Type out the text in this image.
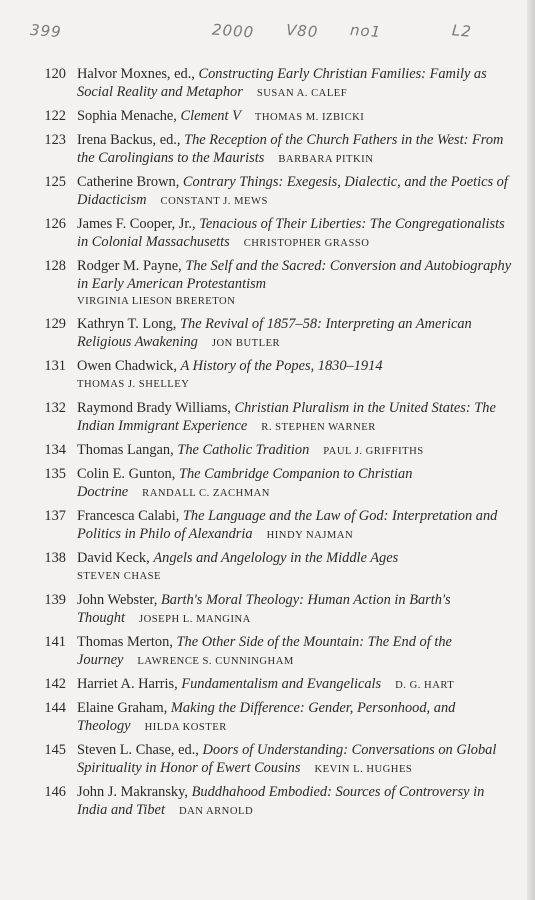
399	2000 V80 no1	L2
120 Halvor Moxnes, ed., Constructing Early Christian Families: Family as Social Reality and Metaphor SUSAN A. CALEF
122 Sophia Menache, Clement V THOMAS M. IZBICKI
123 Irena Backus, ed., The Reception of the Church Fathers in the West: From the Carolingians to the Maurists BARBARA PITKIN
125 Catherine Brown, Contrary Things: Exegesis, Dialectic, and the Poetics of Didacticism CONSTANT J. MEWS
126 James F. Cooper, Jr., Tenacious of Their Liberties: The Congregationalists in Colonial Massachusetts CHRISTOPHER GRASSO
128 Rodger M. Payne, The Self and the Sacred: Conversion and Autobiography in Early American Protestantism
VIRGINIA LIESON BRERETON
129 Kathryn T. Long, The Revival of 1857–58: Interpreting an American Religious Awakening JON BUTLER
131 Owen Chadwick, A History of the Popes, 1830–1914
THOMAS J. SHELLEY
132 Raymond Brady Williams, Christian Pluralism in the United States: The Indian Immigrant Experience R. STEPHEN WARNER
134 Thomas Langan, The Catholic Tradition PAUL J. GRIFFITHS
135 Colin E. Gunton, The Cambridge Companion to Christian Doctrine RANDALL C. ZACHMAN
137 Francesca Calabi, The Language and the Law of God: Interpretation and Politics in Philo of Alexandria HINDY NAJMAN
138 David Keck, Angels and Angelology in the Middle Ages
STEVEN CHASE
139 John Webster, Barth's Moral Theology: Human Action in Barth's Thought JOSEPH L. MANGINA
141 Thomas Merton, The Other Side of the Mountain: The End of the Journey LAWRENCE S. CUNNINGHAM
142 Harriet A. Harris, Fundamentalism and Evangelicals D. G. HART
144 Elaine Graham, Making the Difference: Gender, Personhood, and Theology HILDA KOSTER
145 Steven L. Chase, ed., Doors of Understanding: Conversations on Global Spirituality in Honor of Ewert Cousins KEVIN L. HUGHES
146 John J. Makransky, Buddhahood Embodied: Sources of Controversy in India and Tibet DAN ARNOLD
